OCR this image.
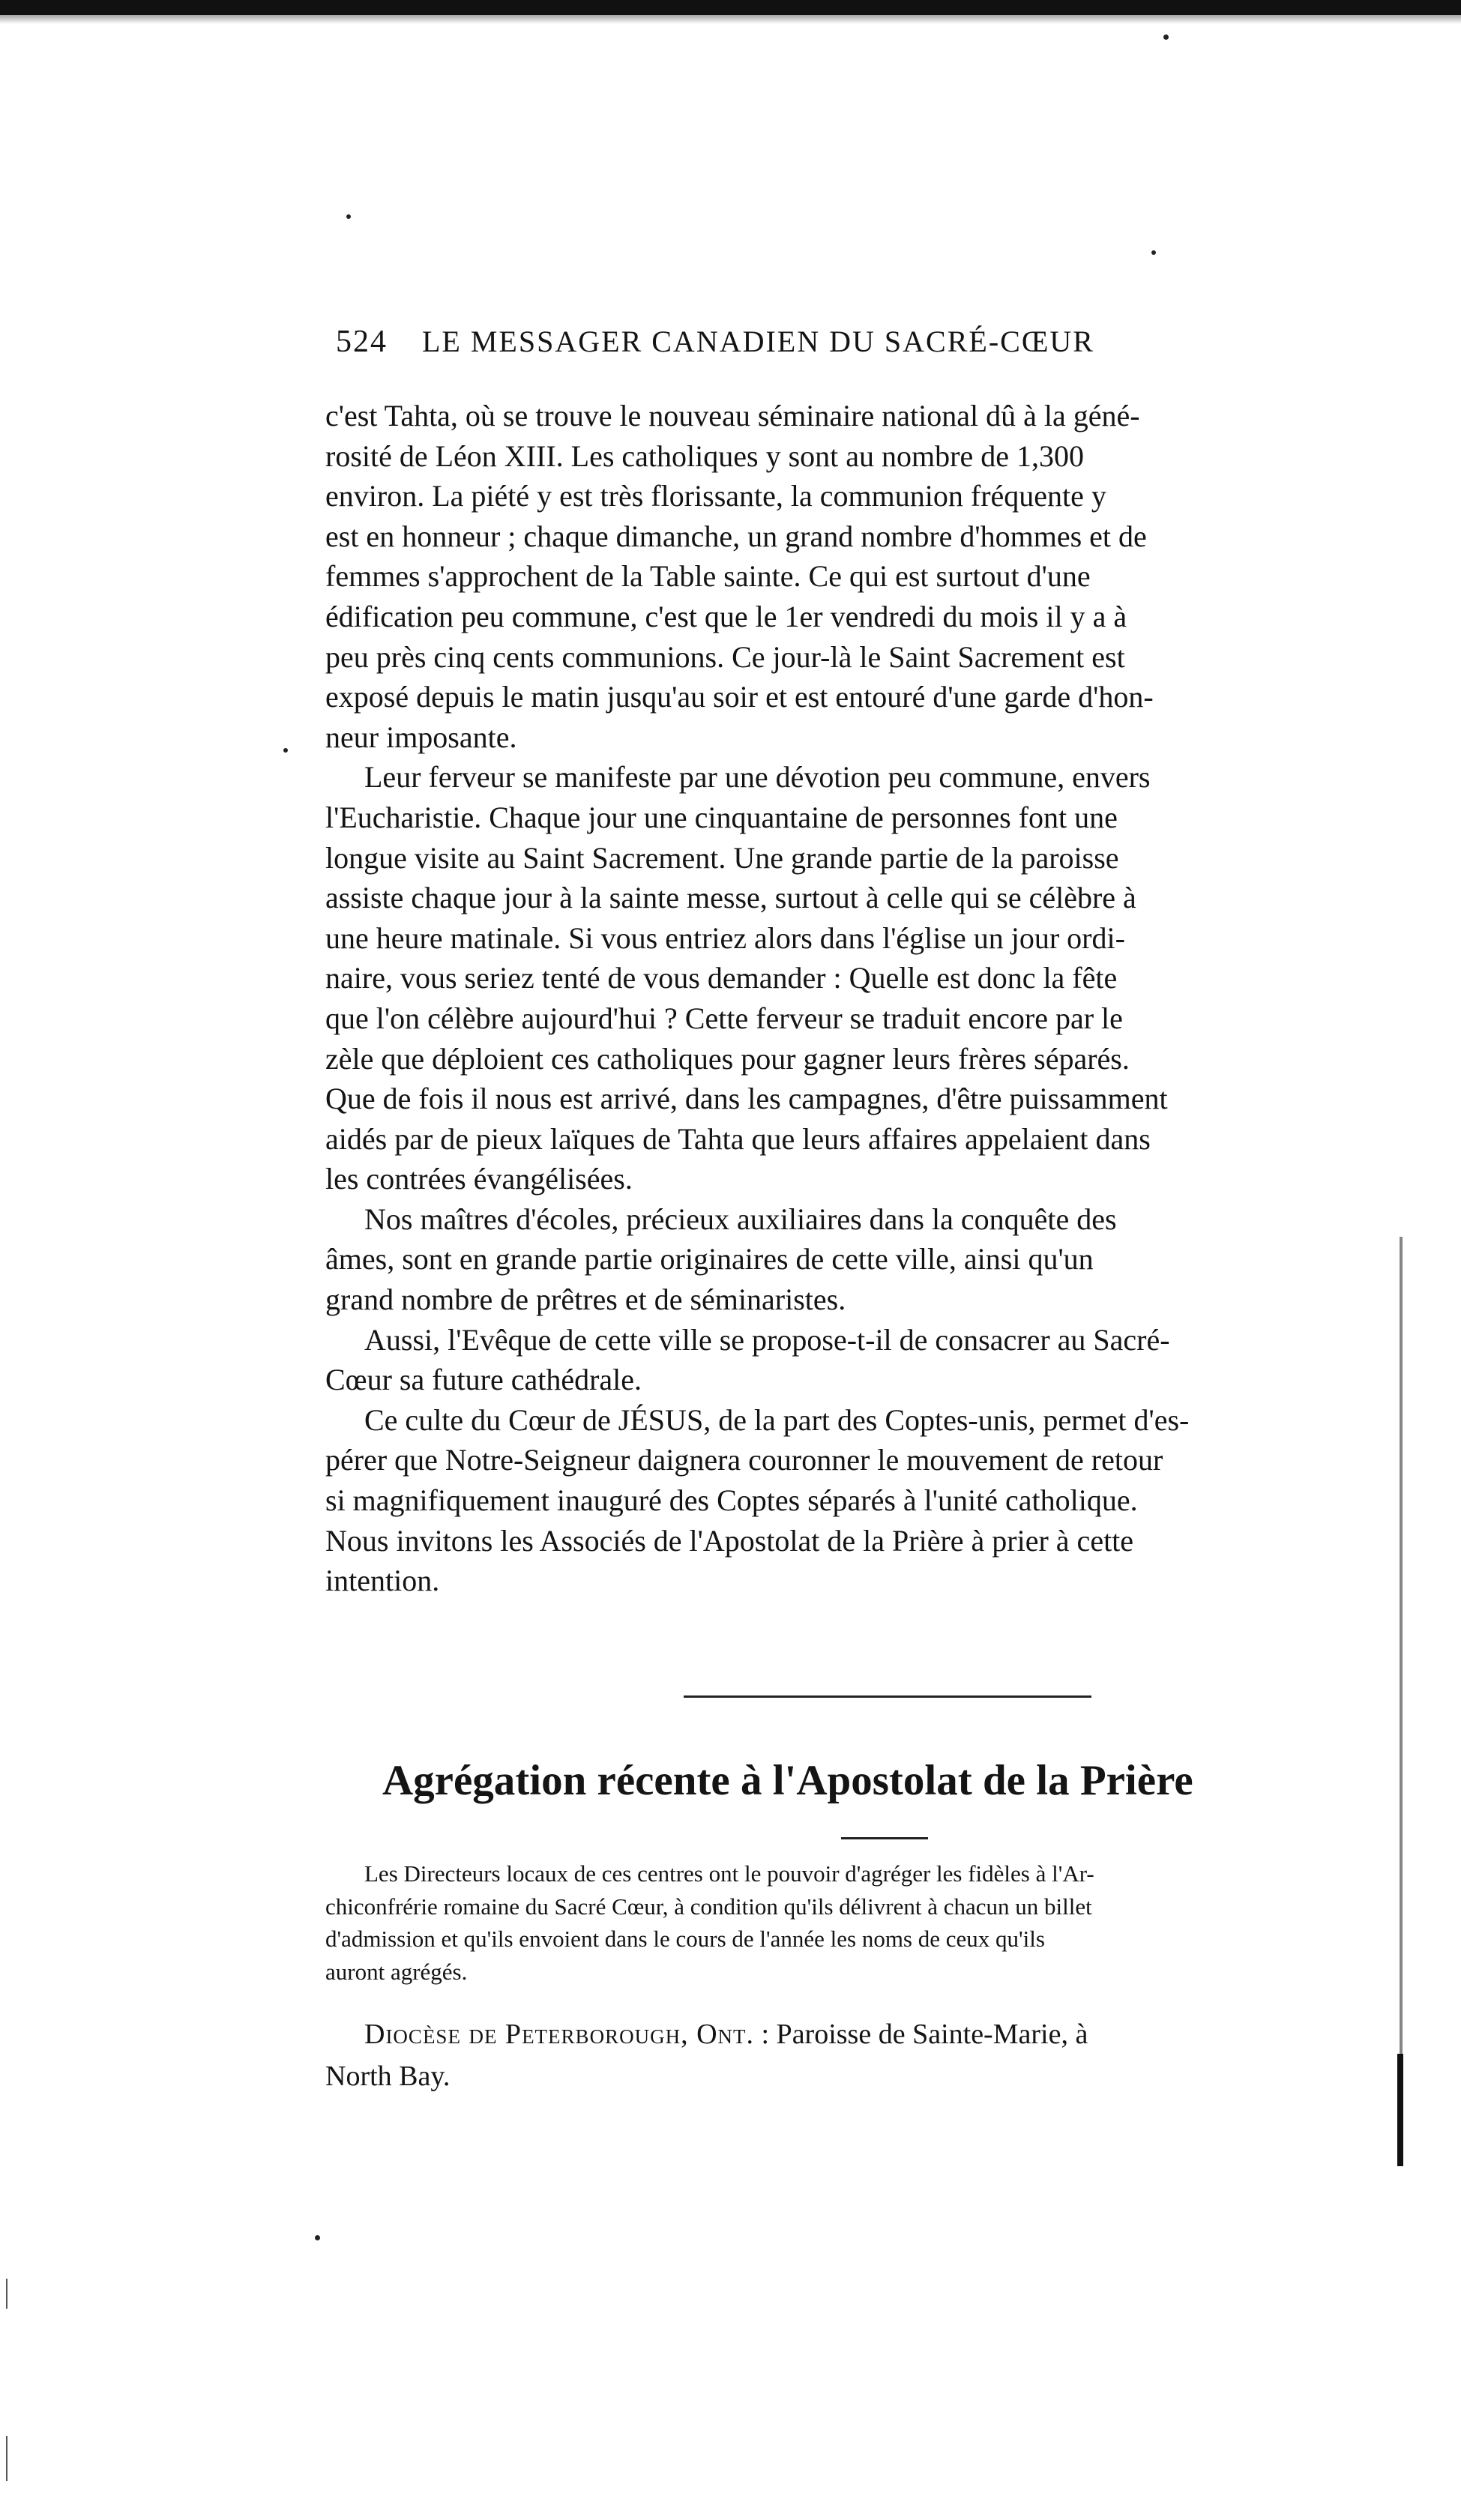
524 LE MESSAGER CANADIEN DU SACRÉ-CŒUR
c'est Tahta, où se trouve le nouveau séminaire national dû à la géné-
rosité de Léon XIII. Les catholiques y sont au nombre de 1,300
environ. La piété y est très florissante, la communion fréquente y
est en honneur ; chaque dimanche, un grand nombre d'hommes et de
femmes s'approchent de la Table sainte. Ce qui est surtout d'une
édification peu commune, c'est que le 1er vendredi du mois il y a à
peu près cinq cents communions. Ce jour-là le Saint Sacrement est
exposé depuis le matin jusqu'au soir et est entouré d'une garde d'hon-
neur imposante.
Leur ferveur se manifeste par une dévotion peu commune, envers
l'Eucharistie. Chaque jour une cinquantaine de personnes font une
longue visite au Saint Sacrement. Une grande partie de la paroisse
assiste chaque jour à la sainte messe, surtout à celle qui se célèbre à
une heure matinale. Si vous entriez alors dans l'église un jour ordi-
naire, vous seriez tenté de vous demander : Quelle est donc la fête
que l'on célèbre aujourd'hui ? Cette ferveur se traduit encore par le
zèle que déploient ces catholiques pour gagner leurs frères séparés.
Que de fois il nous est arrivé, dans les campagnes, d'être puissamment
aidés par de pieux laïques de Tahta que leurs affaires appelaient dans
les contrées évangélisées.
Nos maîtres d'écoles, précieux auxiliaires dans la conquête des
âmes, sont en grande partie originaires de cette ville, ainsi qu'un
grand nombre de prêtres et de séminaristes.
Aussi, l'Evêque de cette ville se propose-t-il de consacrer au Sacré-
Cœur sa future cathédrale.
Ce culte du Cœur de JÉSUS, de la part des Coptes-unis, permet d'es-
pérer que Notre-Seigneur daignera couronner le mouvement de retour
si magnifiquement inauguré des Coptes séparés à l'unité catholique.
Nous invitons les Associés de l'Apostolat de la Prière à prier à cette
intention.
Agrégation récente à l'Apostolat de la Prière
Les Directeurs locaux de ces centres ont le pouvoir d'agréger les fidèles à l'Ar-
chiconfrérie romaine du Sacré Cœur, à condition qu'ils délivrent à chacun un billet
d'admission et qu'ils envoient dans le cours de l'année les noms de ceux qu'ils
auront agrégés.
Diocèse de Peterborough, Ont. : Paroisse de Sainte-Marie, à
North Bay.
